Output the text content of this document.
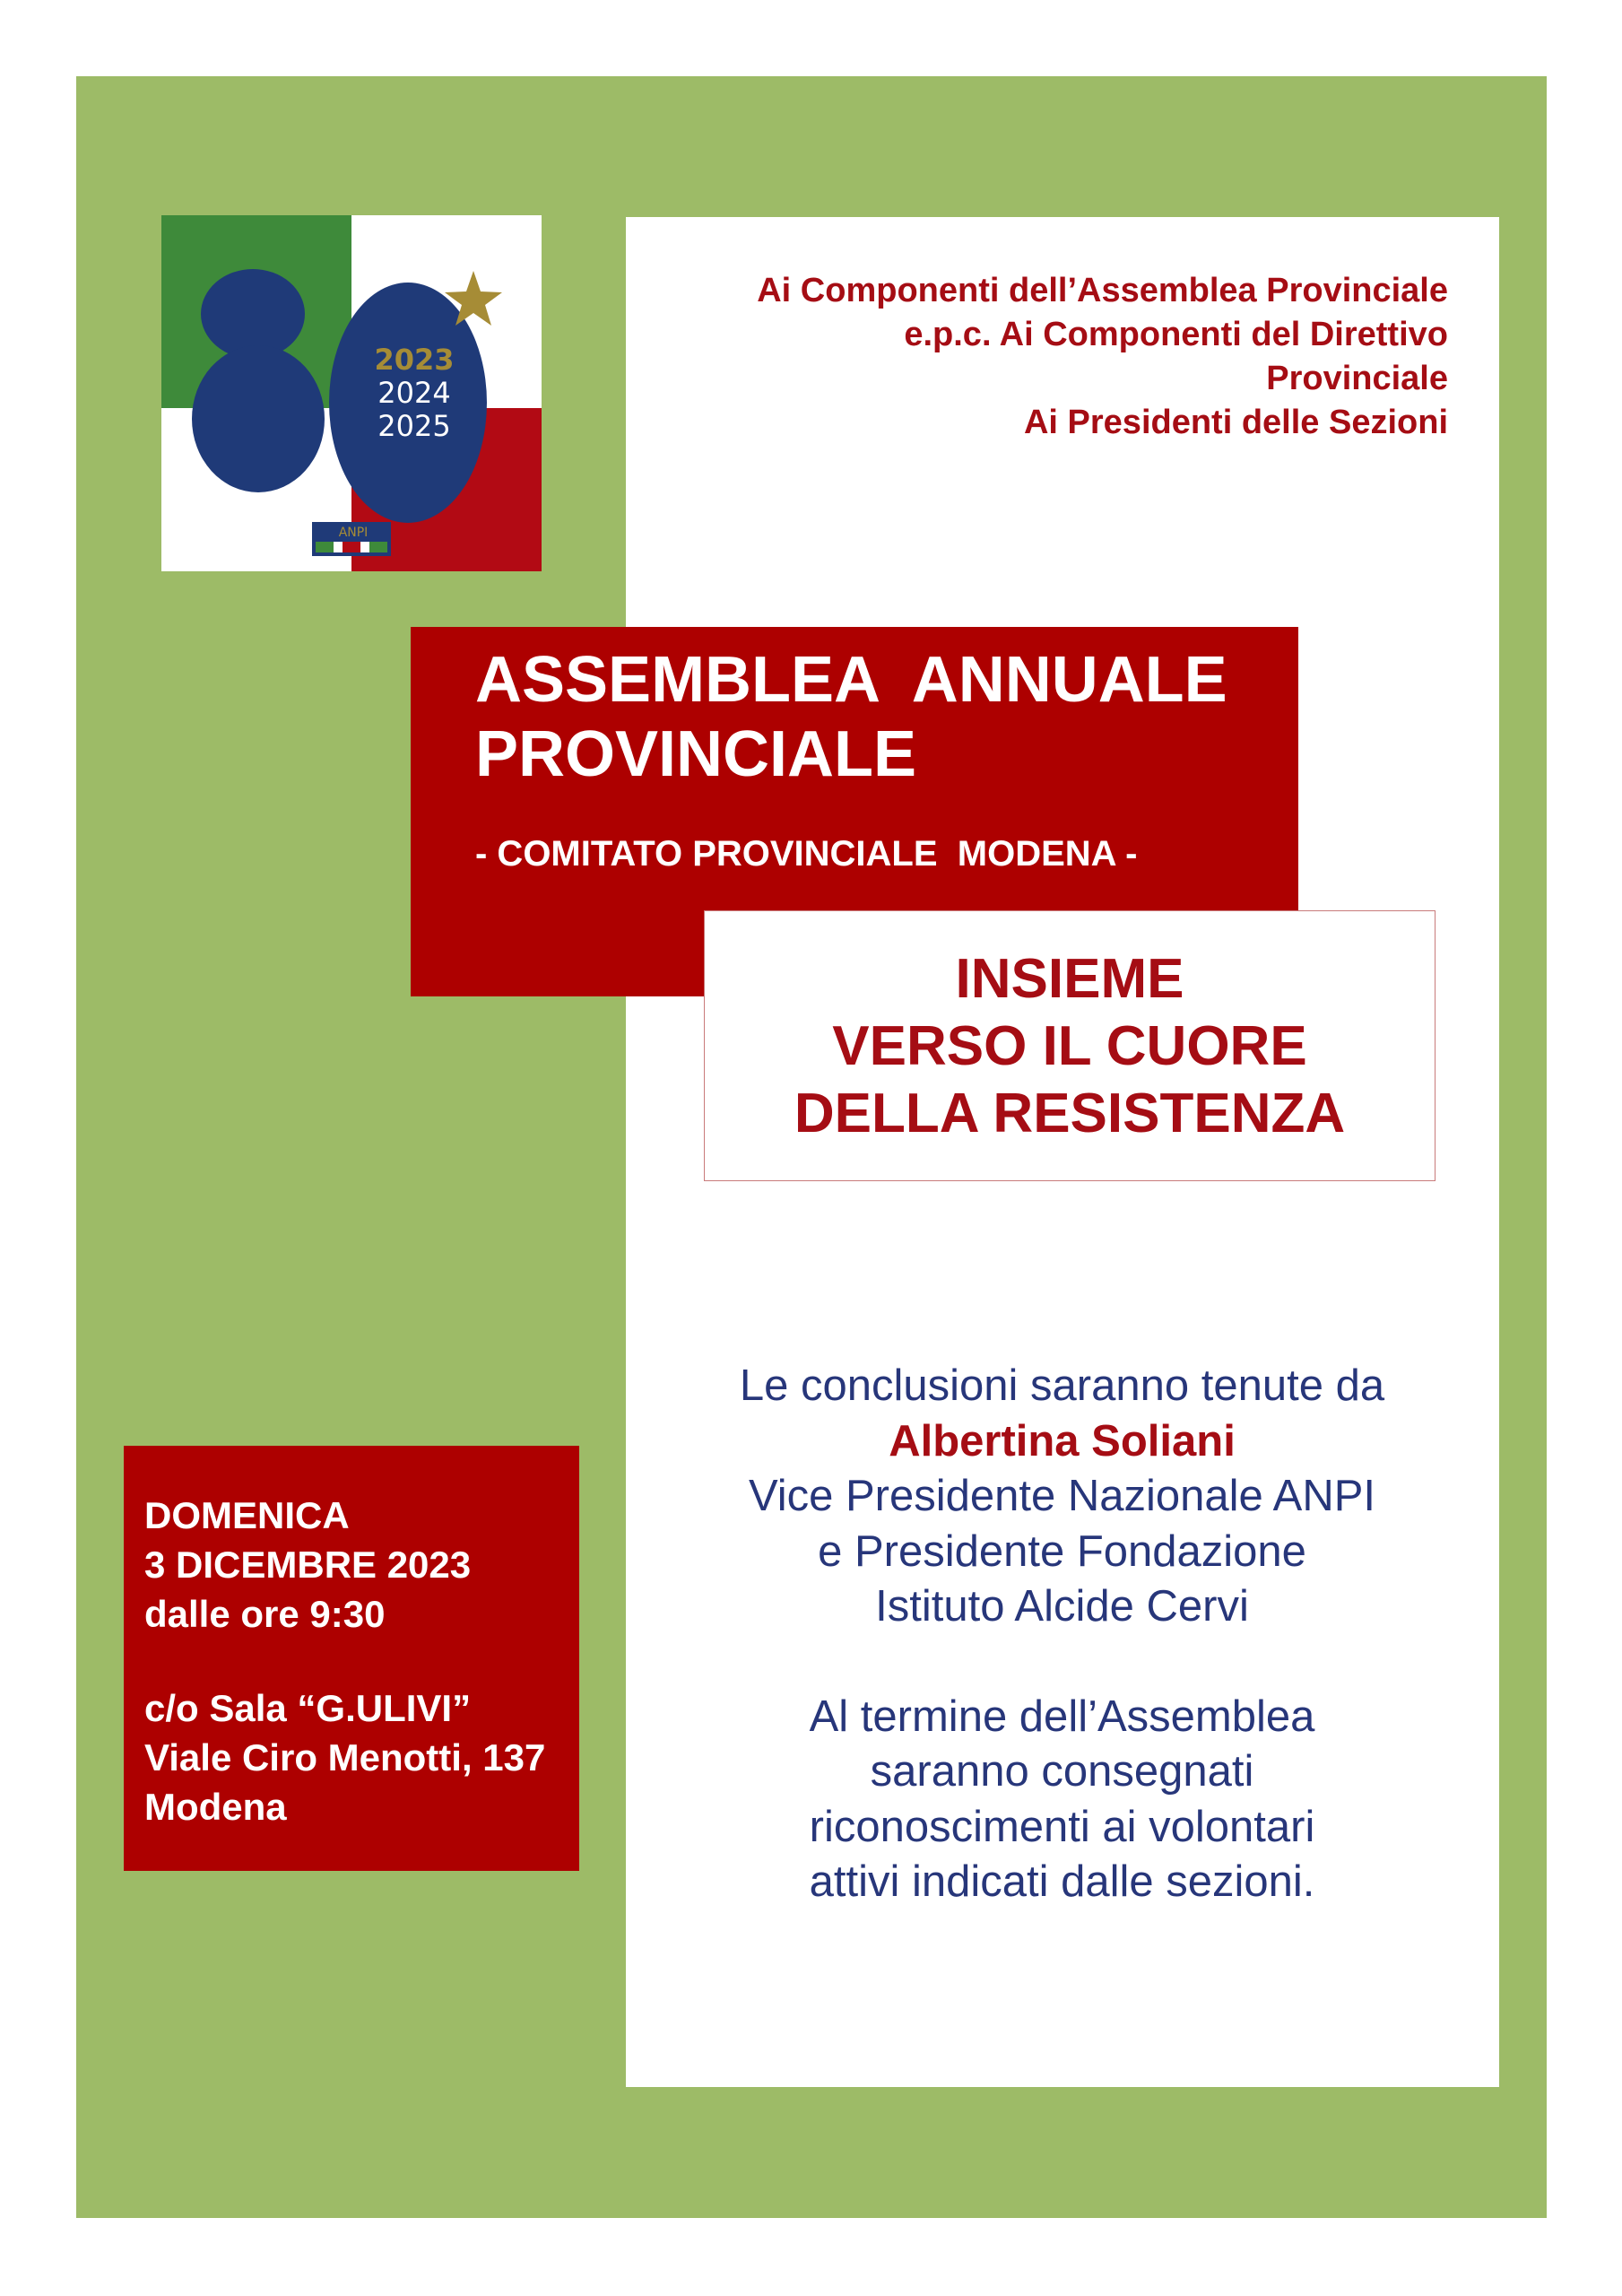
2023
2024
2025
ANPI
Ai Componenti dell’Assemblea Provinciale
e.p.c. Ai Componenti del Direttivo
Provinciale
Ai Presidenti delle Sezioni
ASSEMBLEA  ANNUALE
PROVINCIALE
- COMITATO PROVINCIALE  MODENA -
INSIEME
VERSO IL CUORE
DELLA RESISTENZA
DOMENICA
3 DICEMBRE 2023
dalle ore 9:30
c/o Sala “G.ULIVI”
Viale Ciro Menotti, 137
Modena
Le conclusioni saranno tenute da
Albertina Soliani
Vice Presidente Nazionale ANPI
e Presidente Fondazione
Istituto Alcide Cervi
Al termine dell’Assemblea
saranno consegnati
riconoscimenti ai volontari
attivi indicati dalle sezioni.
